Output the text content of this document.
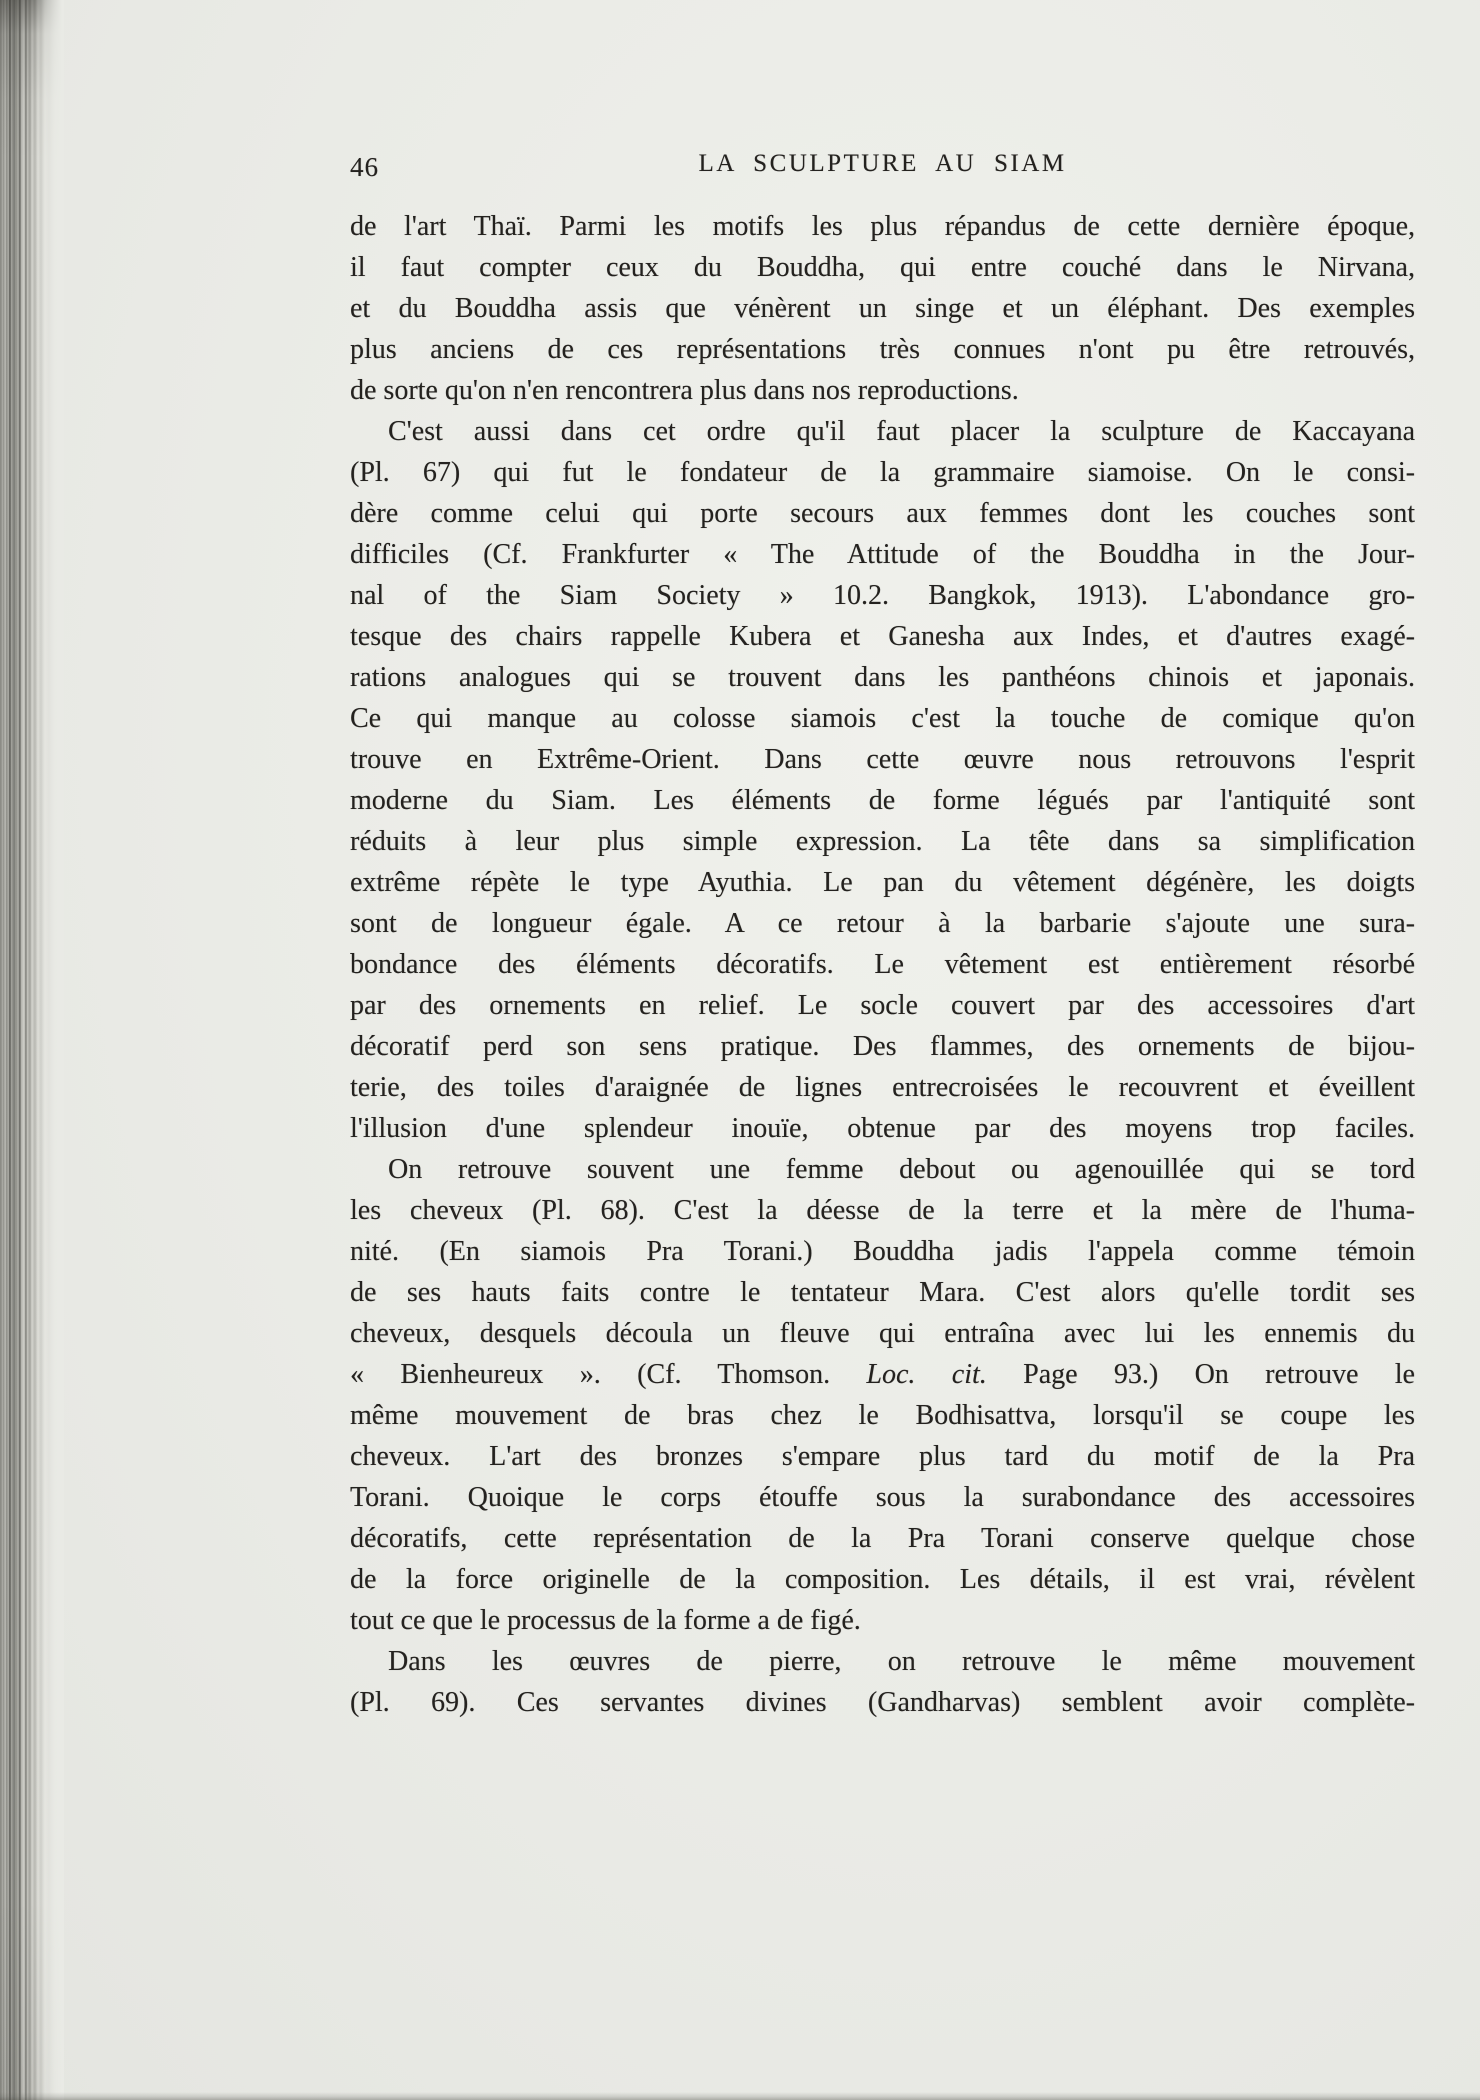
46	LA SCULPTURE AU SIAM
de l'art Thaï. Parmi les motifs les plus répandus de cette dernière époque,
il faut compter ceux du Bouddha, qui entre couché dans le Nirvana,
et du Bouddha assis que vénèrent un singe et un éléphant. Des exemples
plus anciens de ces représentations très connues n'ont pu être retrouvés,
de sorte qu'on n'en rencontrera plus dans nos reproductions.
C'est aussi dans cet ordre qu'il faut placer la sculpture de Kaccayana
(Pl. 67) qui fut le fondateur de la grammaire siamoise. On le consi-
dère comme celui qui porte secours aux femmes dont les couches sont
difficiles (Cf. Frankfurter « The Attitude of the Bouddha in the Jour-
nal of the Siam Society » 10.2. Bangkok, 1913). L'abondance gro-
tesque des chairs rappelle Kubera et Ganesha aux Indes, et d'autres exagé-
rations analogues qui se trouvent dans les panthéons chinois et japonais.
Ce qui manque au colosse siamois c'est la touche de comique qu'on
trouve en Extrême-Orient. Dans cette œuvre nous retrouvons l'esprit
moderne du Siam. Les éléments de forme légués par l'antiquité sont
réduits à leur plus simple expression. La tête dans sa simplification
extrême répète le type Ayuthia. Le pan du vêtement dégénère, les doigts
sont de longueur égale. A ce retour à la barbarie s'ajoute une sura-
bondance des éléments décoratifs. Le vêtement est entièrement résorbé
par des ornements en relief. Le socle couvert par des accessoires d'art
décoratif perd son sens pratique. Des flammes, des ornements de bijou-
terie, des toiles d'araignée de lignes entrecroisées le recouvrent et éveillent
l'illusion d'une splendeur inouïe, obtenue par des moyens trop faciles.
On retrouve souvent une femme debout ou agenouillée qui se tord
les cheveux (Pl. 68). C'est la déesse de la terre et la mère de l'huma-
nité. (En siamois Pra Torani.) Bouddha jadis l'appela comme témoin
de ses hauts faits contre le tentateur Mara. C'est alors qu'elle tordit ses
cheveux, desquels découla un fleuve qui entraîna avec lui les ennemis du
« Bienheureux ». (Cf. Thomson. Loc. cit. Page 93.) On retrouve le
même mouvement de bras chez le Bodhisattva, lorsqu'il se coupe les
cheveux. L'art des bronzes s'empare plus tard du motif de la Pra
Torani. Quoique le corps étouffe sous la surabondance des accessoires
décoratifs, cette représentation de la Pra Torani conserve quelque chose
de la force originelle de la composition. Les détails, il est vrai, révèlent
tout ce que le processus de la forme a de figé.
Dans les œuvres de pierre, on retrouve le même mouvement
(Pl. 69). Ces servantes divines (Gandharvas) semblent avoir complète-
